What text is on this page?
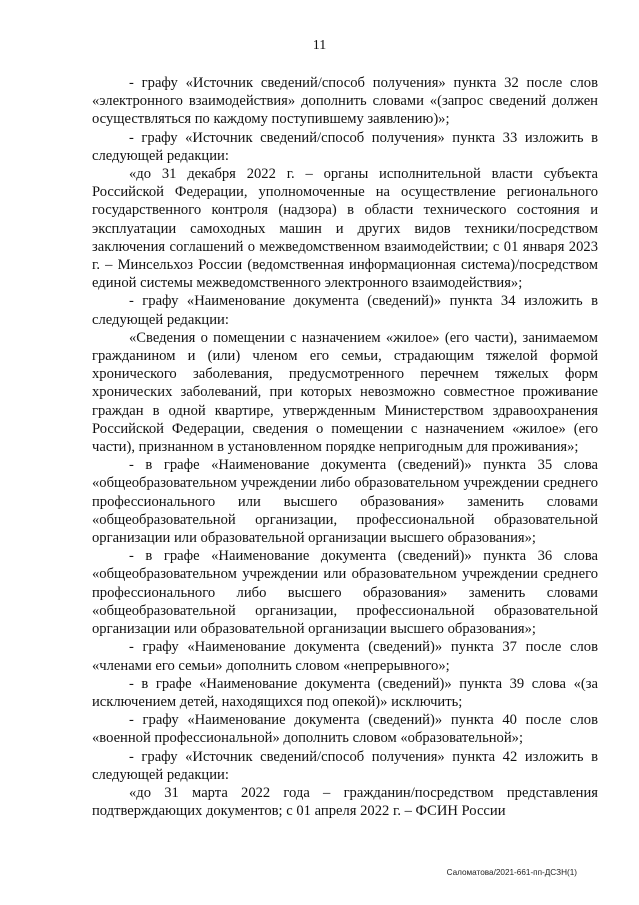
11

- графу «Источник сведений/способ получения» пункта 32 после слов «электронного взаимодействия» дополнить словами «(запрос сведений должен осуществляться по каждому поступившему заявлению)»;

- графу «Источник сведений/способ получения» пункта 33 изложить в следующей редакции:

«до 31 декабря 2022 г. – органы исполнительной власти субъекта Российской Федерации, уполномоченные на осуществление регионального государственного контроля (надзора) в области технического состояния и эксплуатации самоходных машин и других видов техники/посредством заключения соглашений о межведомственном взаимодействии; с 01 января 2023 г. – Минсельхоз России (ведомственная информационная система)/посредством единой системы межведомственного электронного взаимодействия»;

- графу «Наименование документа (сведений)» пункта 34 изложить в следующей редакции:

«Сведения о помещении с назначением «жилое» (его части), занимаемом гражданином и (или) членом его семьи, страдающим тяжелой формой хронического заболевания, предусмотренного перечнем тяжелых форм хронических заболеваний, при которых невозможно совместное проживание граждан в одной квартире, утвержденным Министерством здравоохранения Российской Федерации, сведения о помещении с назначением «жилое» (его части), признанном в установленном порядке непригодным для проживания»;

- в графе «Наименование документа (сведений)» пункта 35 слова «общеобразовательном учреждении либо образовательном учреждении среднего профессионального или высшего образования» заменить словами «общеобразовательной организации, профессиональной образовательной организации или образовательной организации высшего образования»;

- в графе «Наименование документа (сведений)» пункта 36 слова «общеобразовательном учреждении или образовательном учреждении среднего профессионального либо высшего образования» заменить словами «общеобразовательной организации, профессиональной образовательной организации или образовательной организации высшего образования»;

- графу «Наименование документа (сведений)» пункта 37 после слов «членами его семьи» дополнить словом «непрерывного»;

- в графе «Наименование документа (сведений)» пункта 39 слова «(за исключением детей, находящихся под опекой)» исключить;

- графу «Наименование документа (сведений)» пункта 40 после слов «военной профессиональной» дополнить словом «образовательной»;

- графу «Источник сведений/способ получения» пункта 42 изложить в следующей редакции:

«до 31 марта 2022 года – гражданин/посредством представления подтверждающих документов; с 01 апреля 2022 г. – ФСИН России

Саломатова/2021-661-пп-ДСЗН(1)
